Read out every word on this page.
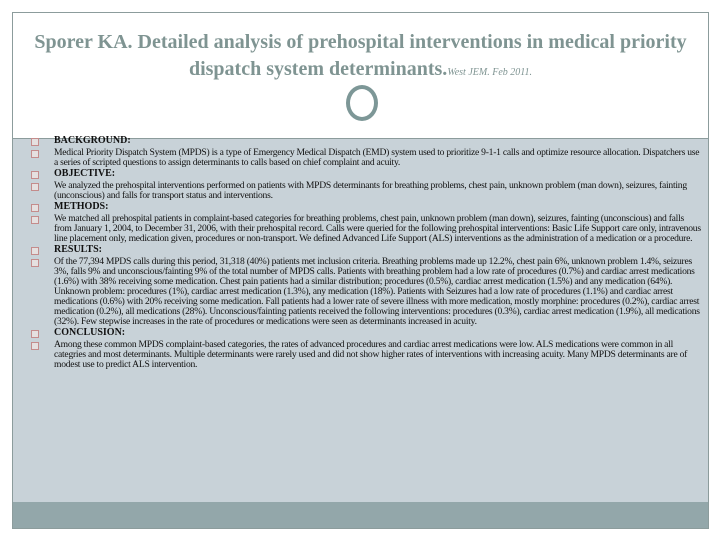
Sporer KA. Detailed analysis of prehospital interventions in medical priority dispatch system determinants.West JEM. Feb 2011.
BACKGROUND:
Medical Priority Dispatch System (MPDS) is a type of Emergency Medical Dispatch (EMD) system used to prioritize 9-1-1 calls and optimize resource allocation. Dispatchers use a series of scripted questions to assign determinants to calls based on chief complaint and acuity.
OBJECTIVE:
We analyzed the prehospital interventions performed on patients with MPDS determinants for breathing problems, chest pain, unknown problem (man down), seizures, fainting (unconscious) and falls for transport status and interventions.
METHODS:
We matched all prehospital patients in complaint-based categories for breathing problems, chest pain, unknown problem (man down), seizures, fainting (unconscious) and falls from January 1, 2004, to December 31, 2006, with their prehospital record. Calls were queried for the following prehospital interventions: Basic Life Support care only, intravenous line placement only, medication given, procedures or non-transport. We defined Advanced Life Support (ALS) interventions as the administration of a medication or a procedure.
RESULTS:
Of the 77,394 MPDS calls during this period, 31,318 (40%) patients met inclusion criteria. Breathing problems made up 12.2%, chest pain 6%, unknown problem 1.4%, seizures 3%, falls 9% and unconscious/fainting 9% of the total number of MPDS calls. Patients with breathing problem had a low rate of procedures (0.7%) and cardiac arrest medications (1.6%) with 38% receiving some medication. Chest pain patients had a similar distribution; procedures (0.5%), cardiac arrest medication (1.5%) and any medication (64%). Unknown problem: procedures (1%), cardiac arrest medication (1.3%), any medication (18%). Patients with Seizures had a low rate of procedures (1.1%) and cardiac arrest medications (0.6%) with 20% receiving some medication. Fall patients had a lower rate of severe illness with more medication, mostly morphine: procedures (0.2%), cardiac arrest medication (0.2%), all medications (28%). Unconscious/fainting patients received the following interventions: procedures (0.3%), cardiac arrest medication (1.9%), all medications (32%). Few stepwise increases in the rate of procedures or medications were seen as determinants increased in acuity.
CONCLUSION:
Among these common MPDS complaint-based categories, the rates of advanced procedures and cardiac arrest medications were low. ALS medications were common in all categries and most determinants. Multiple determinants were rarely used and did not show higher rates of interventions with increasing acuity. Many MPDS determinants are of modest use to predict ALS intervention.
